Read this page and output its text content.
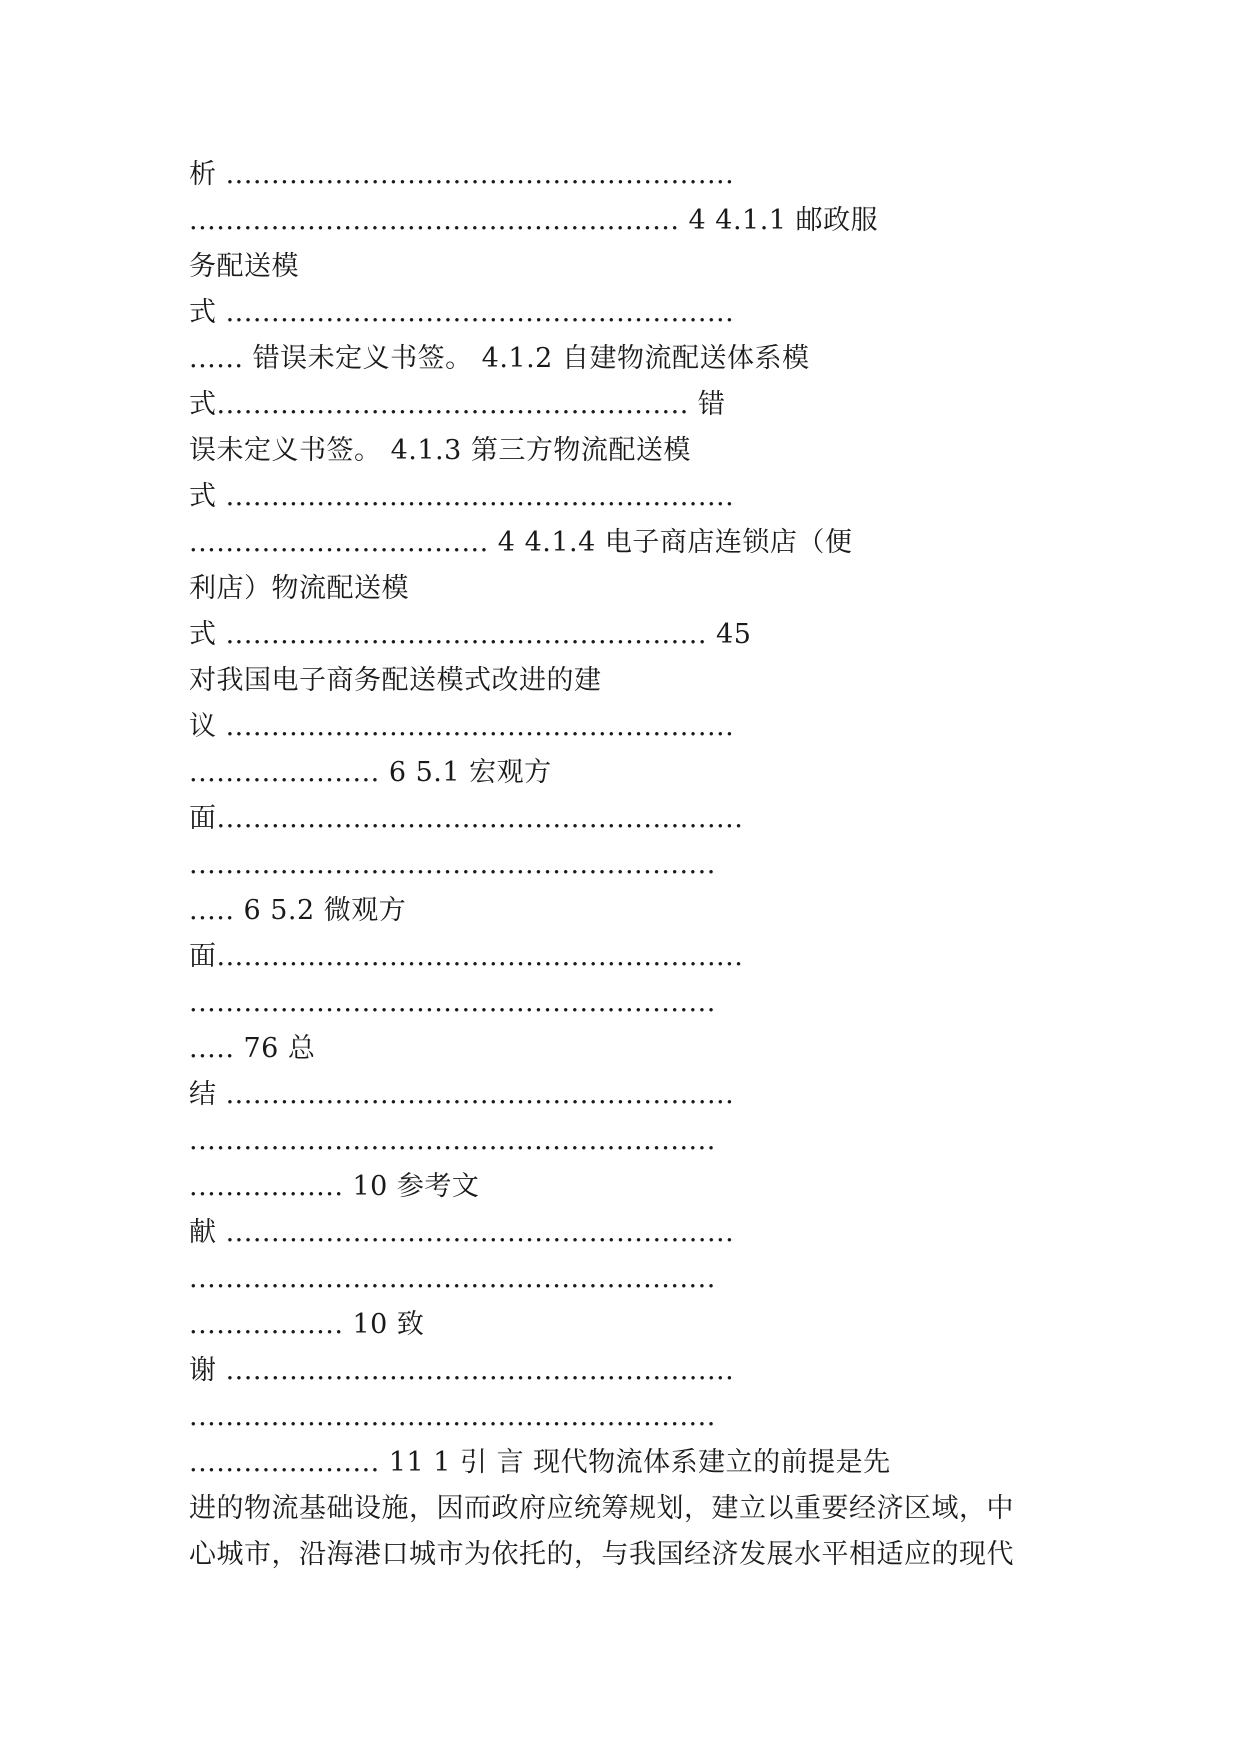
析 ........................................................
...................................................... 4 4.1.1 邮政服
务配送模
式 ........................................................
...... 错误未定义书签。 4.1.2 自建物流配送体系模
式.................................................... 错
误未定义书签。 4.1.3 第三方物流配送模
式 ........................................................
................................. 4 4.1.4 电子商店连锁店（便
利店）物流配送模
式 ..................................................... 45
对我国电子商务配送模式改进的建
议 ........................................................
..................... 6 5.1 宏观方
面..........................................................
..........................................................
..... 6 5.2 微观方
面..........................................................
..........................................................
..... 76 总
结 ........................................................
..........................................................
................. 10 参考文
献 ........................................................
..........................................................
................. 10 致
谢 ........................................................
..........................................................
..................... 11 1 引 言 现代物流体系建立的前提是先
进的物流基础设施，因而政府应统筹规划，建立以重要经济区域，中
心城市，沿海港口城市为依托的，与我国经济发展水平相适应的现代
